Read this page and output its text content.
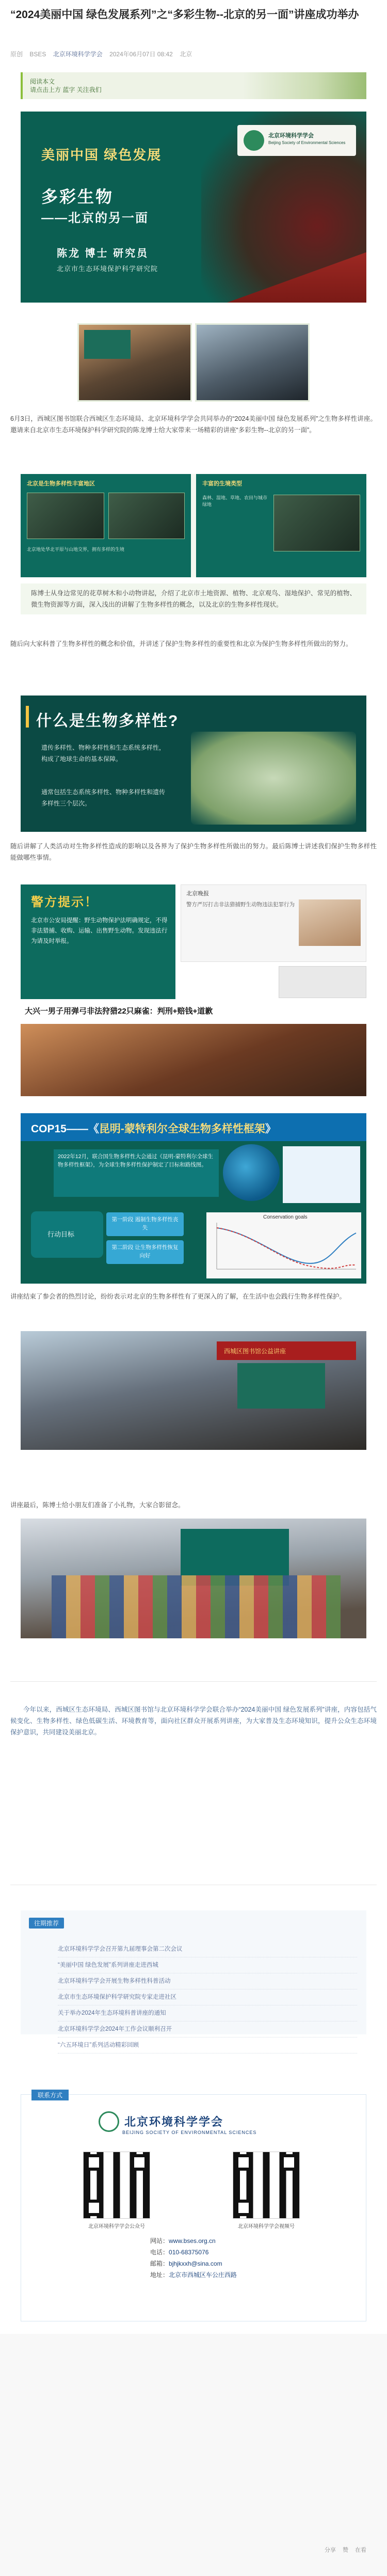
“2024美丽中国 绿色发展系列”之“多彩生物--北京的另一面”讲座成功举办
原创 BSES 北京环境科学学会 2024年06月07日 08:42 北京
阅读本文
请点击上方 蓝字 关注我们
北京环境科学学会
Beijing Society of Environmental Sciences
美丽中国 绿色发展
多彩生物
——北京的另一面
陈龙 博士 研究员
北京市生态环境保护科学研究院
6月3日，西城区图书馆联合西城区生态环境局、北京环境科学学会共同举办的“2024美丽中国 绿色发展系列”之生物多样性讲座。邀请来自北京市生态环境保护科学研究院的陈龙博士给大家带来一场精彩的讲座“多彩生物--北京的另一面”。
北京是生物多样性丰富地区
北京地处华北平原与山地交界，拥有多样的生境
丰富的生境类型
森林、湿地、草地、农田与城市绿地
陈博士从身边常见的花草树木和小动物讲起，介绍了北京市土地资源、植物、北京观鸟、湿地保护、常见的植物、微生物资源等方面，深入浅出的讲解了生物多样性的概念，以及北京的生物多样性现状。
随后向大家科普了生物多样性的概念和价值，并讲述了保护生物多样性的重要性和北京为保护生物多样性所做出的努力。
什么是生物多样性?
遗传多样性、物种多样性和生态系统多样性，构成了地球生命的基本保障。
通常包括生态系统多样性、物种多样性和遗传多样性三个层次。
随后讲解了人类活动对生物多样性造成的影响以及各界为了保护生物多样性所做出的努力。最后陈博士讲述我们保护生物多样性能做哪些事情。
警方提示！
北京市公安局提醒：野生动物保护法明确规定，不得非法猎捕、收购、运输、出售野生动物。发现违法行为请及时举报。
北京晚报
警方严厉打击非法猎捕野生动物违法犯罪行为
大兴一男子用弹弓非法狩猎22只麻雀：判刑+赔钱+道歉
COP15——《昆明-蒙特利尔全球生物多样性框架》
2022年12月，联合国生物多样性大会通过《昆明-蒙特利尔全球生物多样性框架》，为全球生物多样性保护制定了目标和路线图。
行动目标
第一阶段 遏制生物多样性丧失
第二阶段 让生物多样性恢复向好
Conservation goals
讲座结束了参会者的热烈讨论，纷纷表示对北京的生物多样性有了更深入的了解，在生活中也会践行生物多样性保护。
西城区图书馆公益讲座
讲座最后，陈博士给小朋友们准备了小礼物，大家合影留念。
今年以来，西城区生态环境局、西城区图书馆与北京环境科学学会联合举办“2024美丽中国 绿色发展系列”讲座，内容包括气候变化、生物多样性、绿色低碳生活、环境教育等，面向社区群众开展系列讲座，为大家普及生态环境知识，提升公众生态环境保护意识，共同建设美丽北京。
往期推荐
北京环境科学学会召开第九届理事会第二次会议
“美丽中国 绿色发展”系列讲座走进西城
北京环境科学学会开展生物多样性科普活动
北京市生态环境保护科学研究院专家走进社区
关于举办2024年生态环境科普讲座的通知
北京环境科学学会2024年工作会议顺利召开
“六五环境日”系列活动精彩回顾
联系方式
北京环境科学学会
BEIJING SOCIETY OF ENVIRONMENTAL SCIENCES
北京环境科学学会公众号	北京环境科学学会视频号
网站：www.bses.org.cn
电话：010-68375076
邮箱：bjhjkxxh@sina.com
地址：北京市西城区车公庄西路
分享 赞 在看
